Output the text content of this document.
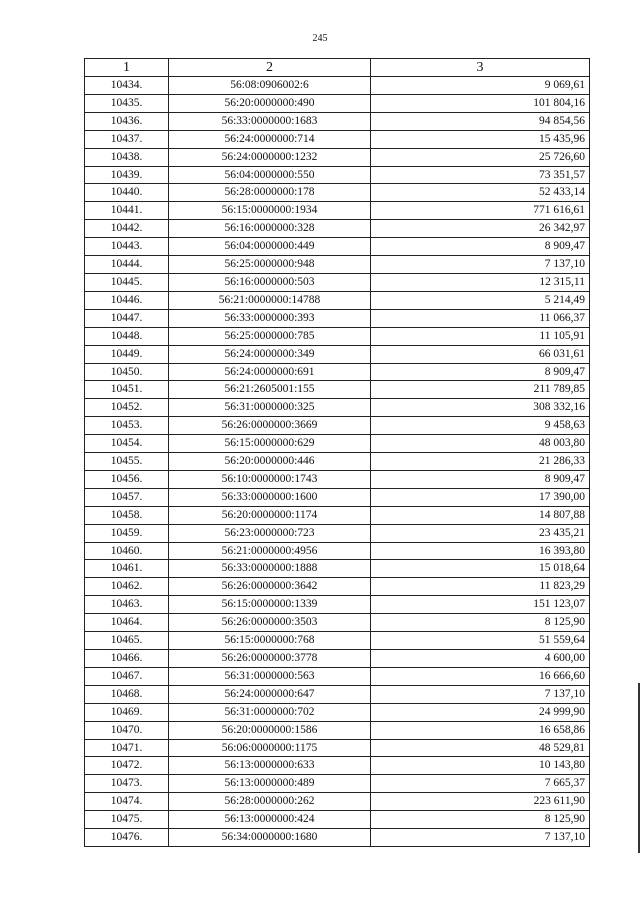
245
1	2	3
10434.	56:08:0906002:6	9 069,61
10435.	56:20:0000000:490	101 804,16
10436.	56:33:0000000:1683	94 854,56
10437.	56:24:0000000:714	15 435,96
10438.	56:24:0000000:1232	25 726,60
10439.	56:04:0000000:550	73 351,57
10440.	56:28:0000000:178	52 433,14
10441.	56:15:0000000:1934	771 616,61
10442.	56:16:0000000:328	26 342,97
10443.	56:04:0000000:449	8 909,47
10444.	56:25:0000000:948	7 137,10
10445.	56:16:0000000:503	12 315,11
10446.	56:21:0000000:14788	5 214,49
10447.	56:33:0000000:393	11 066,37
10448.	56:25:0000000:785	11 105,91
10449.	56:24:0000000:349	66 031,61
10450.	56:24:0000000:691	8 909,47
10451.	56:21:2605001:155	211 789,85
10452.	56:31:0000000:325	308 332,16
10453.	56:26:0000000:3669	9 458,63
10454.	56:15:0000000:629	48 003,80
10455.	56:20:0000000:446	21 286,33
10456.	56:10:0000000:1743	8 909,47
10457.	56:33:0000000:1600	17 390,00
10458.	56:20:0000000:1174	14 807,88
10459.	56:23:0000000:723	23 435,21
10460.	56:21:0000000:4956	16 393,80
10461.	56:33:0000000:1888	15 018,64
10462.	56:26:0000000:3642	11 823,29
10463.	56:15:0000000:1339	151 123,07
10464.	56:26:0000000:3503	8 125,90
10465.	56:15:0000000:768	51 559,64
10466.	56:26:0000000:3778	4 600,00
10467.	56:31:0000000:563	16 666,60
10468.	56:24:0000000:647	7 137,10
10469.	56:31:0000000:702	24 999,90
10470.	56:20:0000000:1586	16 658,86
10471.	56:06:0000000:1175	48 529,81
10472.	56:13:0000000:633	10 143,80
10473.	56:13:0000000:489	7 665,37
10474.	56:28:0000000:262	223 611,90
10475.	56:13:0000000:424	8 125,90
10476.	56:34:0000000:1680	7 137,10
